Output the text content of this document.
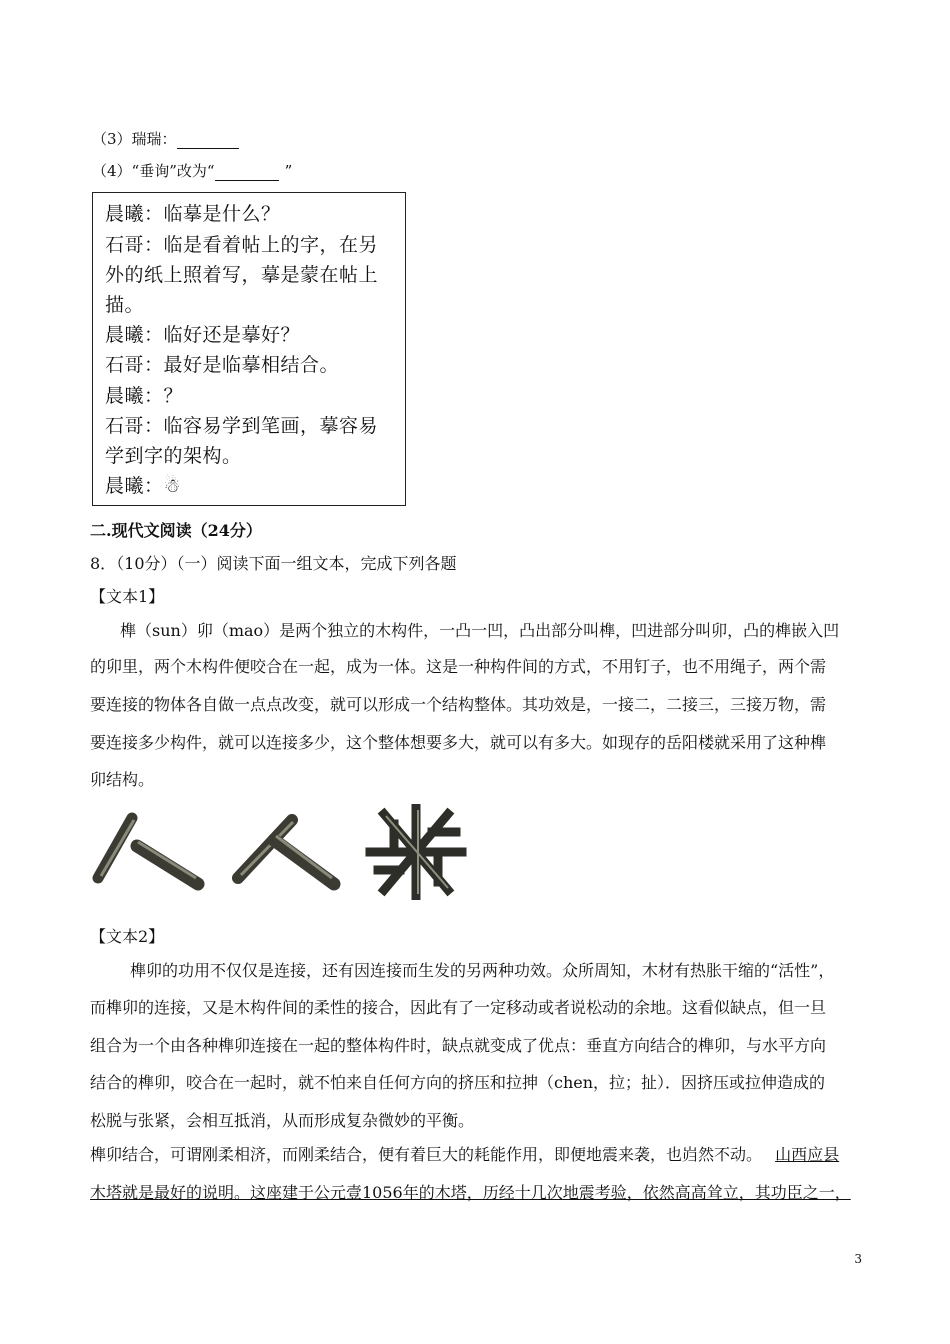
（3）瑞瑞：
（4）“垂询”改为“	”
晨曦：临摹是什么？
石哥：临是看着帖上的字，在另
外的纸上照着写，摹是蒙在帖上
描。
晨曦：临好还是摹好？
石哥：最好是临摹相结合。
晨曦：？
石哥：临容易学到笔画，摹容易
学到字的架构。
晨曦：☃
二.现代文阅读（24分）
8．（10分）（一）阅读下面一组文本，完成下列各题
【文本1】
榫（sun）卯（mao）是两个独立的木构件，一凸一凹，凸出部分叫榫，凹进部分叫卯，凸的榫嵌入凹
的卯里，两个木构件便咬合在一起，成为一体。这是一种构件间的方式，不用钉子，也不用绳子，两个需
要连接的物体各自做一点点改变，就可以形成一个结构整体。其功效是，一接二，二接三，三接万物，需
要连接多少构件，就可以连接多少，这个整体想要多大，就可以有多大。如现存的岳阳楼就采用了这种榫
卯结构。
【文本2】
榫卯的功用不仅仅是连接，还有因连接而生发的另两种功效。众所周知，木材有热胀干缩的“活性”，
而榫卯的连接，又是木构件间的柔性的接合，因此有了一定移动或者说松动的余地。这看似缺点，但一旦
组合为一个由各种榫卯连接在一起的整体构件时，缺点就变成了优点：垂直方向结合的榫卯，与水平方向
结合的榫卯，咬合在一起时，就不怕来自任何方向的挤压和拉抻（chen，拉；扯）．因挤压或拉伸造成的
松脱与张紧，会相互抵消，从而形成复杂微妙的平衡。
榫卯结合，可谓刚柔相济，而刚柔结合，便有着巨大的耗能作用，即便地震来袭，也岿然不动。 山西应县
木塔就是最好的说明。这座建于公元壹1056年的木塔，历经十几次地震考验，依然高高耸立，其功臣之一，
3
